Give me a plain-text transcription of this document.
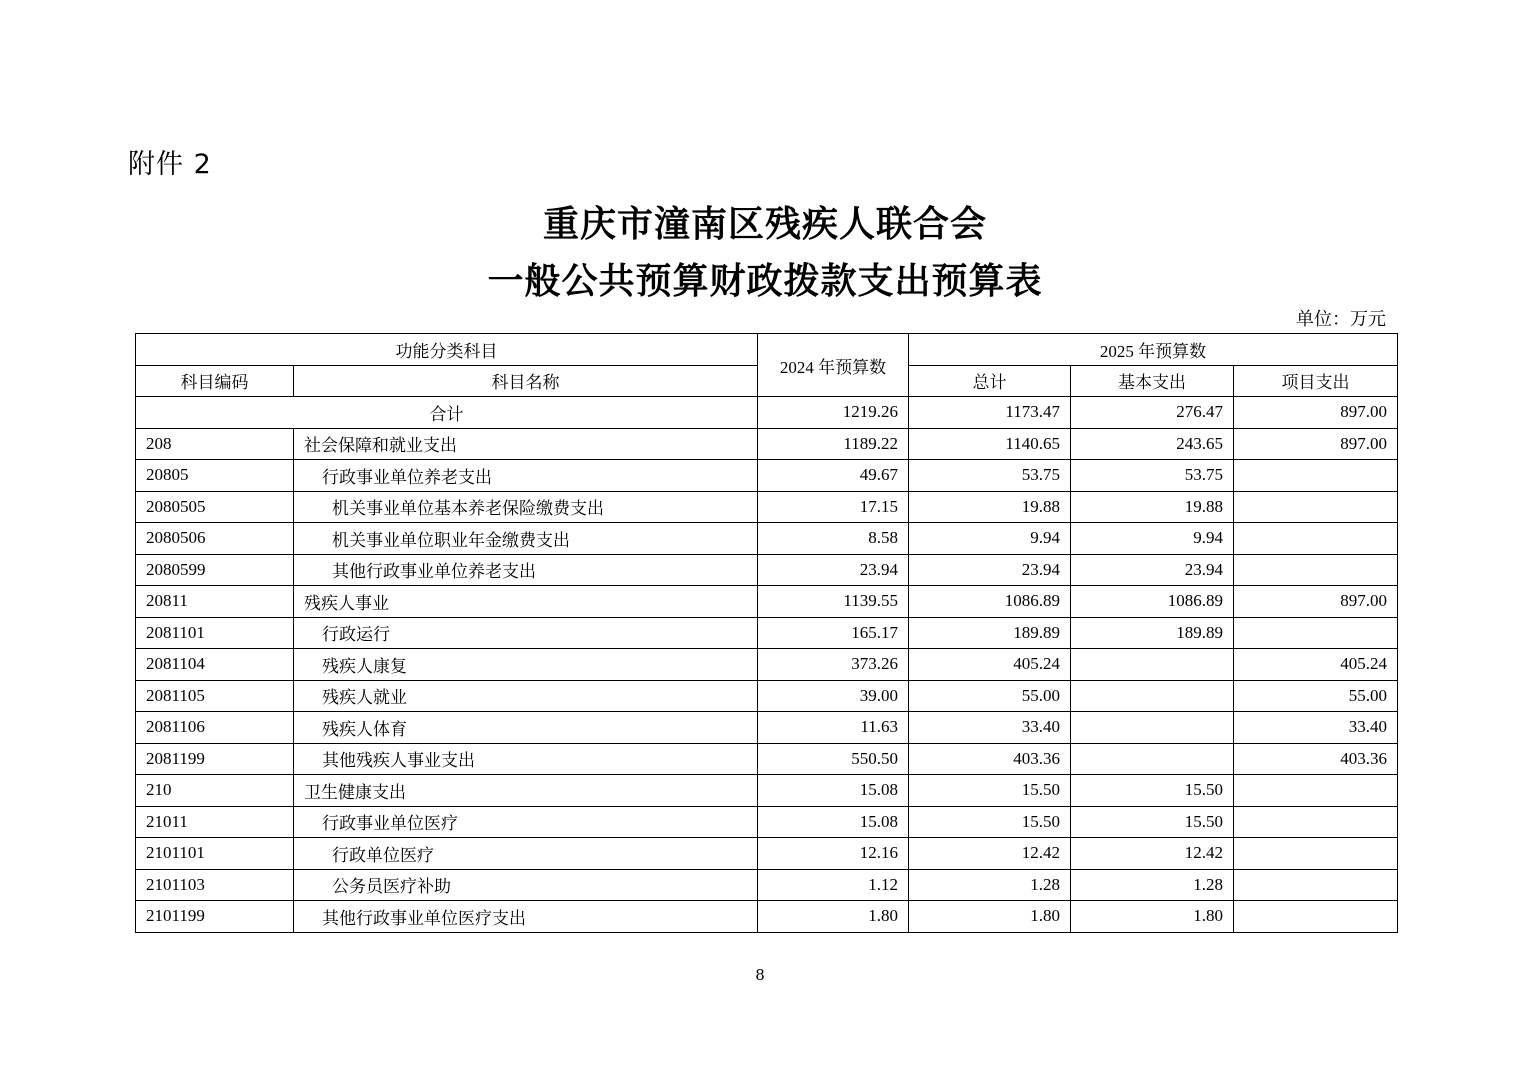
附件 2
重庆市潼南区残疾人联合会
一般公共预算财政拨款支出预算表
单位：万元
功能分类科目		2024 年预算数	2025 年预算数		
科目编码	科目名称		总计	基本支出	项目支出
合计		1219.26	1173.47	276.47	897.00
208	社会保障和就业支出	1189.22	1140.65	243.65	897.00
20805	行政事业单位养老支出	49.67	53.75	53.75	
2080505	机关事业单位基本养老保险缴费支出	17.15	19.88	19.88	
2080506	机关事业单位职业年金缴费支出	8.58	9.94	9.94	
2080599	其他行政事业单位养老支出	23.94	23.94	23.94	
20811	残疾人事业	1139.55	1086.89	1086.89	897.00
2081101	行政运行	165.17	189.89	189.89	
2081104	残疾人康复	373.26	405.24		405.24
2081105	残疾人就业	39.00	55.00		55.00
2081106	残疾人体育	11.63	33.40		33.40
2081199	其他残疾人事业支出	550.50	403.36		403.36
210	卫生健康支出	15.08	15.50	15.50	
21011	行政事业单位医疗	15.08	15.50	15.50	
2101101	行政单位医疗	12.16	12.42	12.42	
2101103	公务员医疗补助	1.12	1.28	1.28	
2101199	其他行政事业单位医疗支出	1.80	1.80	1.80	
8
